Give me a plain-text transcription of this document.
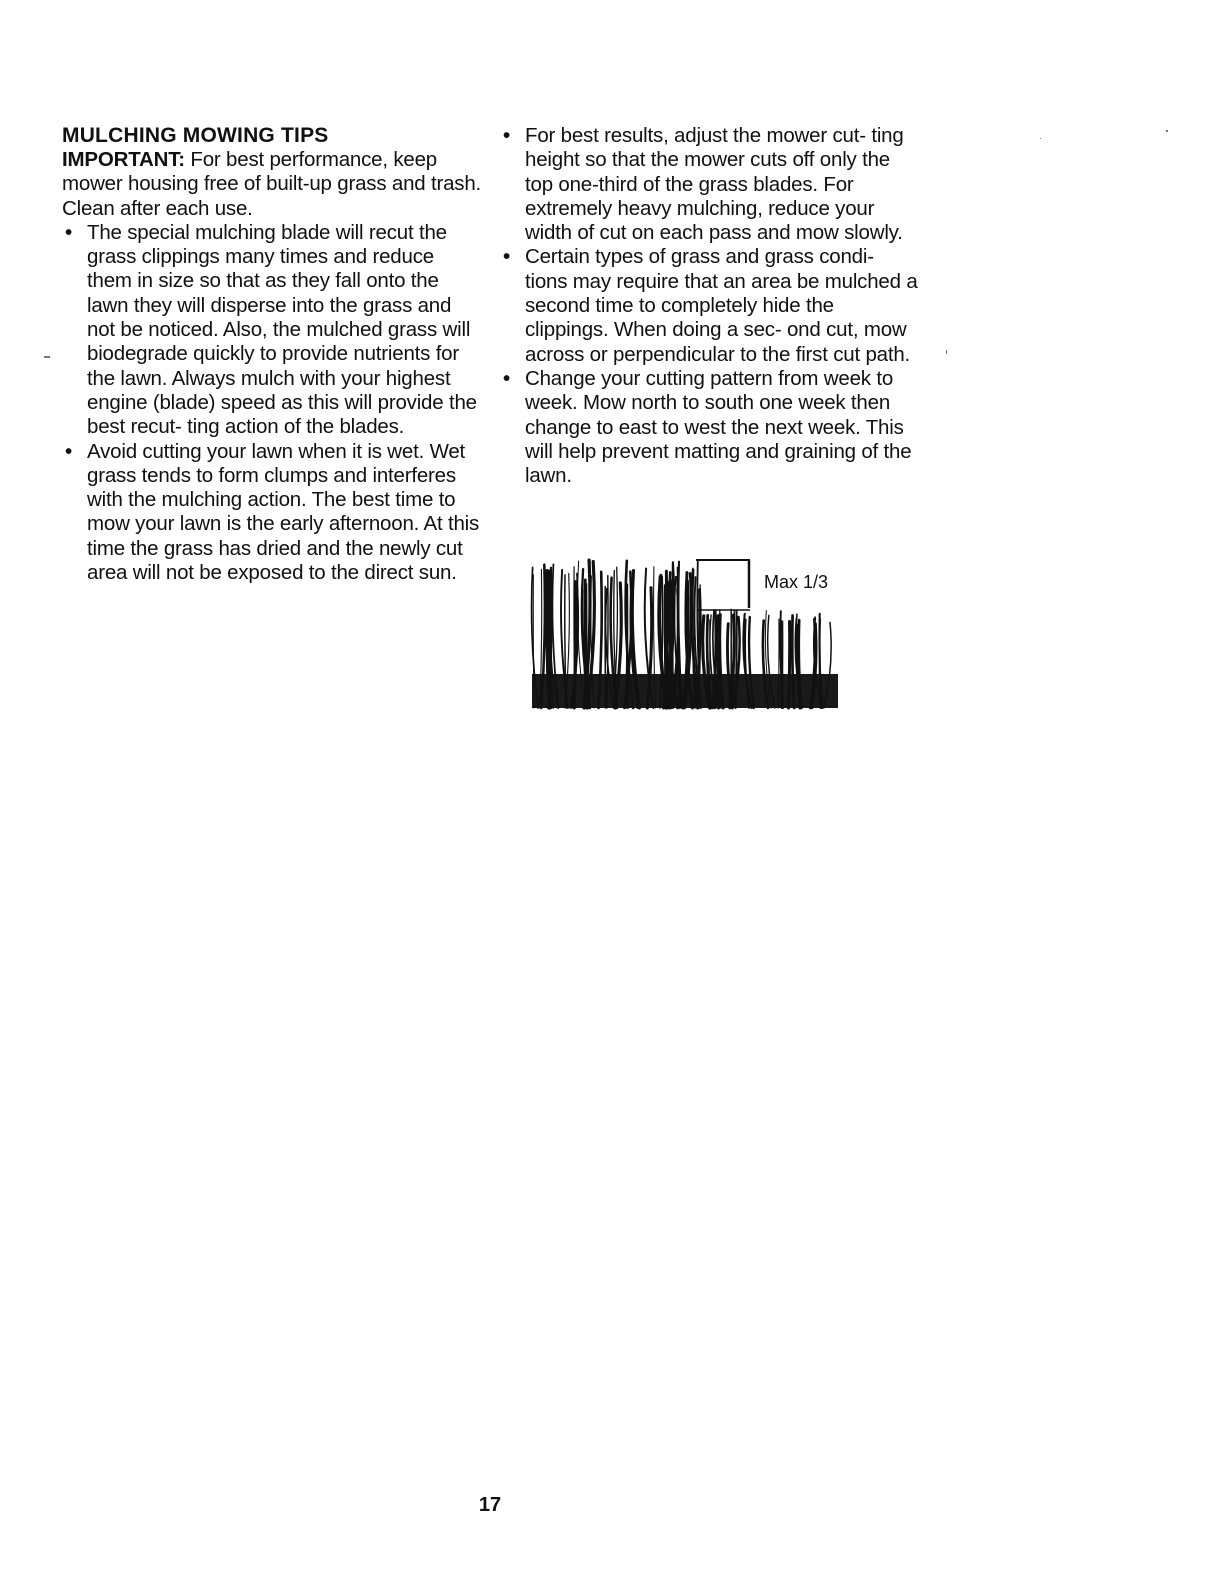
MULCHING MOWING TIPS

IMPORTANT: For best performance, keep mower housing free of built-up grass and trash. Clean after each use.

• The special mulching blade will recut the grass clippings many times and reduce them in size so that as they fall onto the lawn they will disperse into the grass and not be noticed. Also, the mulched grass will biodegrade quickly to provide nutrients for the lawn. Always mulch with your highest engine (blade) speed as this will provide the best recut- ting action of the blades.
• Avoid cutting your lawn when it is wet. Wet grass tends to form clumps and interferes with the mulching action. The best time to mow your lawn is the early afternoon. At this time the grass has dried and the newly cut area will not be exposed to the direct sun.
• For best results, adjust the mower cut- ting height so that the mower cuts off only the top one-third of the grass blades. For extremely heavy mulching, reduce your width of cut on each pass and mow slowly.
• Certain types of grass and grass condi- tions may require that an area be mulched a second time to completely hide the clippings. When doing a sec- ond cut, mow across or perpendicular to the first cut path.
• Change your cutting pattern from week to week. Mow north to south one week then change to east to west the next week. This will help prevent matting and graining of the lawn.
Max 1/3
17
